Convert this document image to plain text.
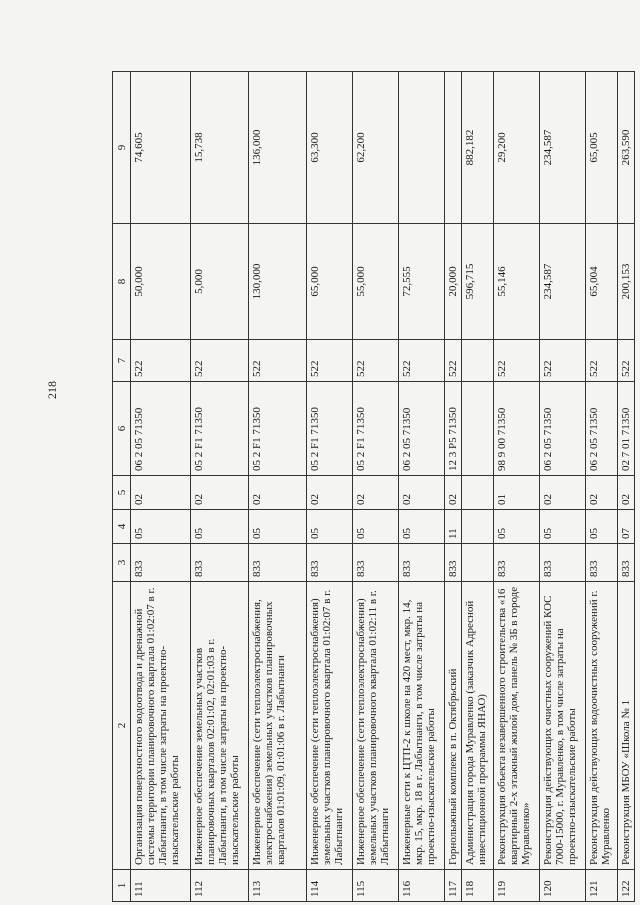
218
1	2	3	4	5	6	7	8	9
111	Организация поверхностного водоотвода и дренажной системы территории планировочного квартала 01:02:07 в г. Лабытнанги, в том числе затраты на проектно-изыскательские работы	833	05	02	06 2 05 71350	522	50,000	74,605
112	Инженерное обеспечение земельных участков планировочных кварталов 02:01:02, 02:01:03 в г. Лабытнанги, в том числе затраты на проектно-изыскательские работы	833	05	02	05 2 F1 71350	522	5,000	15,738
113	Инженерное обеспечение (сети теплоэлектроснабжения, электроснабжения) земельных участков планировочных кварталов 01:01:09, 01:01:06 в г. Лабытнанги	833	05	02	05 2 F1 71350	522	130,000	136,000
114	Инженерное обеспечение (сети теплоэлектроснабжения) земельных участков планировочного квартала 01:02:07 в г. Лабытнанги	833	05	02	05 2 F1 71350	522	65,000	63,300
115	Инженерное обеспечение (сети теплоэлектроснабжения) земельных участков планировочного квартала 01:02:11 в г. Лабытнанги	833	05	02	05 2 F1 71350	522	55,000	62,200
116	Инженерные сети к ЦТП-2 к школе на 420 мест, мкр. 14, мкр. 15, мкр. 18 в г. Лабытнанги, в том числе затраты на проектно-изыскательские работы	833	05	02	06 2 05 71350	522	72,555	
117	Горнолыжный комплекс в п. Октябрьский	833	11	02	12 3 P5 71350	522	20,000	
118	Администрация города Муравленко (заказчик Адресной инвестиционной программы ЯНАО)						596,715	882,182
119	Реконструкция объекта незавершенного строительства «16 квартирный 2-х этажный жилой дом, панель № 3Б в городе Муравленко»	833	05	01	98 9 00 71350	522	55,146	29,200
120	Реконструкция действующих очистных сооружений КОС 7000-15000, г. Муравленко, в том числе затраты на проектно-изыскательские работы	833	05	02	06 2 05 71350	522	234,587	234,587
121	Реконструкция действующих водоочистных сооружений г. Муравленко	833	05	02	06 2 05 71350	522	65,004	65,005
122	Реконструкция МБОУ «Школа № 1	833	07	02	02 7 01 71350	522	200,153	263,590
